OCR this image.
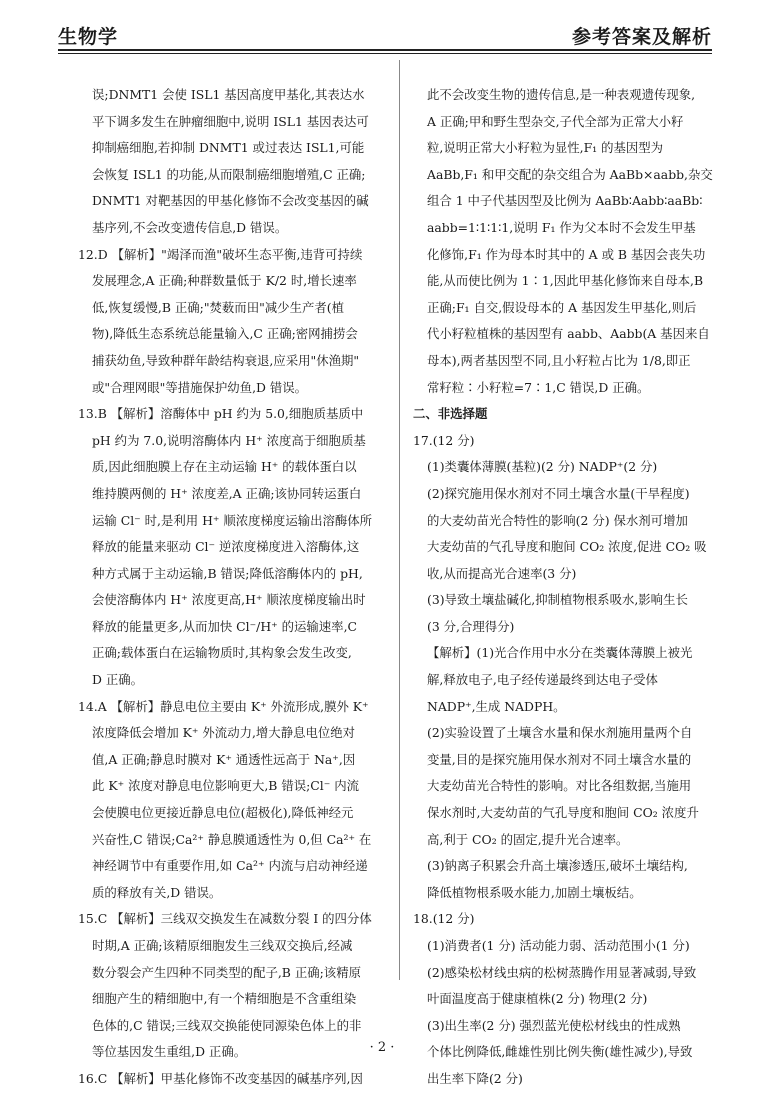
生物学	参考答案及解析
误;DNMT1 会使 ISL1 基因高度甲基化,其表达水
平下调多发生在肿瘤细胞中,说明 ISL1 基因表达可
抑制癌细胞,若抑制 DNMT1 或过表达 ISL1,可能
会恢复 ISL1 的功能,从而限制癌细胞增殖,C 正确;
DNMT1 对靶基因的甲基化修饰不会改变基因的碱
基序列,不会改变遗传信息,D 错误。
12.D 【解析】"竭泽而渔"破坏生态平衡,违背可持续
发展理念,A 正确;种群数量低于 K/2 时,增长速率
低,恢复缓慢,B 正确;"焚薮而田"减少生产者(植
物),降低生态系统总能量输入,C 正确;密网捕捞会
捕获幼鱼,导致种群年龄结构衰退,应采用"休渔期"
或"合理网眼"等措施保护幼鱼,D 错误。
13.B 【解析】溶酶体中 pH 约为 5.0,细胞质基质中
pH 约为 7.0,说明溶酶体内 H⁺ 浓度高于细胞质基
质,因此细胞膜上存在主动运输 H⁺ 的载体蛋白以
维持膜两侧的 H⁺ 浓度差,A 正确;该协同转运蛋白
运输 Cl⁻ 时,是利用 H⁺ 顺浓度梯度运输出溶酶体所
释放的能量来驱动 Cl⁻ 逆浓度梯度进入溶酶体,这
种方式属于主动运输,B 错误;降低溶酶体内的 pH,
会使溶酶体内 H⁺ 浓度更高,H⁺ 顺浓度梯度输出时
释放的能量更多,从而加快 Cl⁻/H⁺ 的运输速率,C
正确;载体蛋白在运输物质时,其构象会发生改变,
D 正确。
14.A 【解析】静息电位主要由 K⁺ 外流形成,膜外 K⁺
浓度降低会增加 K⁺ 外流动力,增大静息电位绝对
值,A 正确;静息时膜对 K⁺ 通透性远高于 Na⁺,因
此 K⁺ 浓度对静息电位影响更大,B 错误;Cl⁻ 内流
会使膜电位更接近静息电位(超极化),降低神经元
兴奋性,C 错误;Ca²⁺ 静息膜通透性为 0,但 Ca²⁺ 在
神经调节中有重要作用,如 Ca²⁺ 内流与启动神经递
质的释放有关,D 错误。
15.C 【解析】三线双交换发生在减数分裂 Ⅰ 的四分体
时期,A 正确;该精原细胞发生三线双交换后,经减
数分裂会产生四种不同类型的配子,B 正确;该精原
细胞产生的精细胞中,有一个精细胞是不含重组染
色体的,C 错误;三线双交换能使同源染色体上的非
等位基因发生重组,D 正确。
16.C 【解析】甲基化修饰不改变基因的碱基序列,因
此不会改变生物的遗传信息,是一种表观遗传现象,
A 正确;甲和野生型杂交,子代全部为正常大小籽
粒,说明正常大小籽粒为显性,F₁ 的基因型为
AaBb,F₁ 和甲交配的杂交组合为 AaBb×aabb,杂交
组合 1 中子代基因型及比例为 AaBb∶Aabb∶aaBb∶
aabb=1∶1∶1∶1,说明 F₁ 作为父本时不会发生甲基
化修饰,F₁ 作为母本时其中的 A 或 B 基因会丧失功
能,从而使比例为 1∶1,因此甲基化修饰来自母本,B
正确;F₁ 自交,假设母本的 A 基因发生甲基化,则后
代小籽粒植株的基因型有 aabb、Aabb(A 基因来自
母本),两者基因型不同,且小籽粒占比为 1/8,即正
常籽粒∶小籽粒=7∶1,C 错误,D 正确。
二、非选择题
17.(12 分)
(1)类囊体薄膜(基粒)(2 分) NADP⁺(2 分)
(2)探究施用保水剂对不同土壤含水量(干旱程度)
的大麦幼苗光合特性的影响(2 分) 保水剂可增加
大麦幼苗的气孔导度和胞间 CO₂ 浓度,促进 CO₂ 吸
收,从而提高光合速率(3 分)
(3)导致土壤盐碱化,抑制植物根系吸水,影响生长
(3 分,合理得分)
【解析】(1)光合作用中水分在类囊体薄膜上被光
解,释放电子,电子经传递最终到达电子受体
NADP⁺,生成 NADPH。
(2)实验设置了土壤含水量和保水剂施用量两个自
变量,目的是探究施用保水剂对不同土壤含水量的
大麦幼苗光合特性的影响。对比各组数据,当施用
保水剂时,大麦幼苗的气孔导度和胞间 CO₂ 浓度升
高,利于 CO₂ 的固定,提升光合速率。
(3)钠离子积累会升高土壤渗透压,破坏土壤结构,
降低植物根系吸水能力,加剧土壤板结。
18.(12 分)
(1)消费者(1 分) 活动能力弱、活动范围小(1 分)
(2)感染松材线虫病的松树蒸腾作用显著减弱,导致
叶面温度高于健康植株(2 分) 物理(2 分)
(3)出生率(2 分) 强烈蓝光使松材线虫的性成熟
个体比例降低,雌雄性别比例失衡(雄性减少),导致
出生率下降(2 分)
· 2 ·
